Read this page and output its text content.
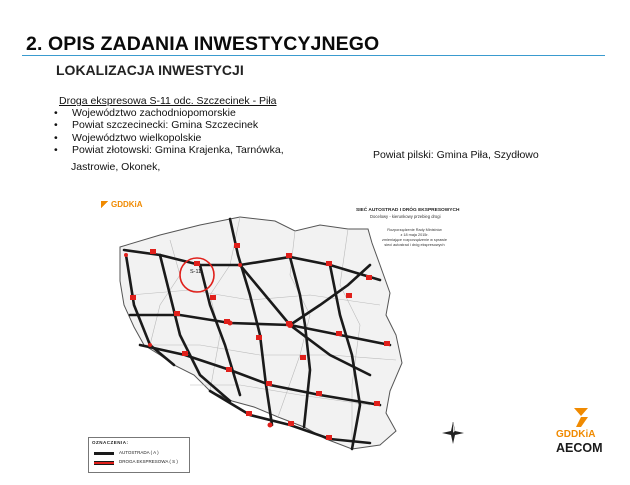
2. OPIS ZADANIA INWESTYCYJNEGO
LOKALIZACJA INWESTYCJI
Droga ekspresowa S-11 odc. Szczecinek - Piła
• Województwo zachodniopomorskie
• Powiat szczecinecki: Gmina Szczecinek
• Województwo wielkopolskie
• Powiat złotowski: Gmina Krajenka, Tarnówka,
Jastrowie, Okonek,
Powiat pilski: Gmina Piła, Szydłowo
S-11
GDDKiA
SIEĆ AUTOSTRAD I DRÓG EKSPRESOWYCH
Docelowy - kierunkowy przebieg drogi
Rozporządzenie Rady Ministrów
z 18 maja 2015r.
zmieniające rozporządzenie w sprawie
sieci autostrad i dróg ekspresowych
OZNACZENIA:
AUTOSTRADA ( A )
DROGA EKSPRESOWA ( S )
GDDKiA
AECOM
